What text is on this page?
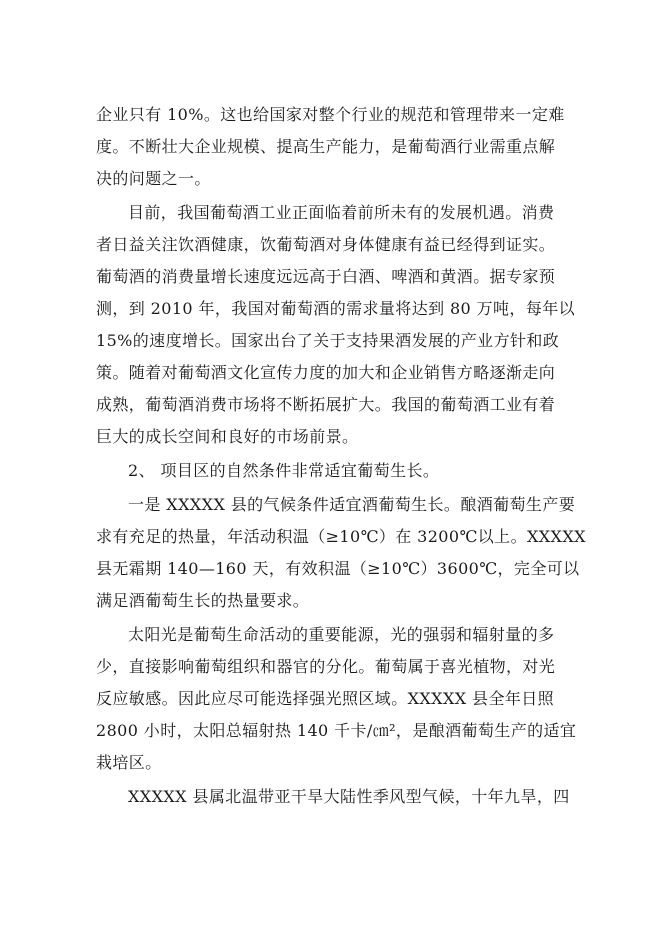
企业只有 10%。这也给国家对整个行业的规范和管理带来一定难
度。不断壮大企业规模、提高生产能力，是葡萄酒行业需重点解
决的问题之一。
目前，我国葡萄酒工业正面临着前所未有的发展机遇。消费
者日益关注饮酒健康，饮葡萄酒对身体健康有益已经得到证实。
葡萄酒的消费量增长速度远远高于白酒、啤酒和黄酒。据专家预
测，到 2010 年，我国对葡萄酒的需求量将达到 80 万吨，每年以
15%的速度增长。国家出台了关于支持果酒发展的产业方针和政
策。随着对葡萄酒文化宣传力度的加大和企业销售方略逐渐走向
成熟，葡萄酒消费市场将不断拓展扩大。我国的葡萄酒工业有着
巨大的成长空间和良好的市场前景。
2、 项目区的自然条件非常适宜葡萄生长。
一是 XXXXX 县的气候条件适宜酒葡萄生长。酿酒葡萄生产要
求有充足的热量，年活动积温（≥10℃）在 3200℃以上。XXXXX
县无霜期 140—160 天，有效积温（≥10℃）3600℃，完全可以
满足酒葡萄生长的热量要求。
太阳光是葡萄生命活动的重要能源，光的强弱和辐射量的多
少，直接影响葡萄组织和器官的分化。葡萄属于喜光植物，对光
反应敏感。因此应尽可能选择强光照区域。XXXXX 县全年日照
2800 小时，太阳总辐射热 140 千卡/㎝²，是酿酒葡萄生产的适宜
栽培区。
XXXXX 县属北温带亚干旱大陆性季风型气候，十年九旱，四
